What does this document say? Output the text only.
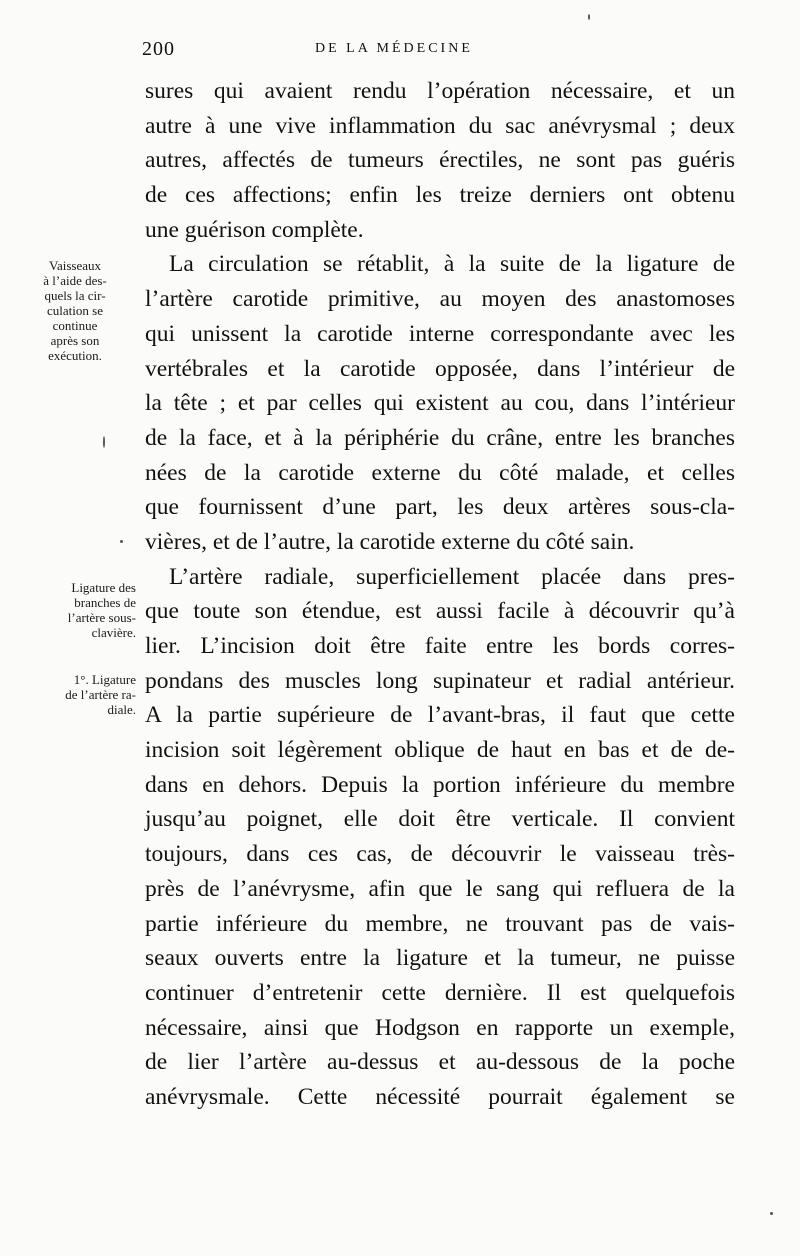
200	DE LA MÉDECINE
sures qui avaient rendu l’opération nécessaire, et un
autre à une vive inflammation du sac anévrysmal ; deux
autres, affectés de tumeurs érectiles, ne sont pas guéris
de ces affections; enfin les treize derniers ont obtenu
une guérison complète.
La circulation se rétablit, à la suite de la ligature de
l’artère carotide primitive, au moyen des anastomoses
qui unissent la carotide interne correspondante avec les
vertébrales et la carotide opposée, dans l’intérieur de
la tête ; et par celles qui existent au cou, dans l’intérieur
de la face, et à la périphérie du crâne, entre les branches
nées de la carotide externe du côté malade, et celles
que fournissent d’une part, les deux artères sous-cla-
vières, et de l’autre, la carotide externe du côté sain.
L’artère radiale, superficiellement placée dans pres-
que toute son étendue, est aussi facile à découvrir qu’à
lier. L’incision doit être faite entre les bords corres-
pondans des muscles long supinateur et radial antérieur.
A la partie supérieure de l’avant-bras, il faut que cette
incision soit légèrement oblique de haut en bas et de de-
dans en dehors. Depuis la portion inférieure du membre
jusqu’au poignet, elle doit être verticale. Il convient
toujours, dans ces cas, de découvrir le vaisseau très-
près de l’anévrysme, afin que le sang qui refluera de la
partie inférieure du membre, ne trouvant pas de vais-
seaux ouverts entre la ligature et la tumeur, ne puisse
continuer d’entretenir cette dernière. Il est quelquefois
nécessaire, ainsi que Hodgson en rapporte un exemple,
de lier l’artère au-dessus et au-dessous de la poche
anévrysmale. Cette nécessité pourrait également se
Vaisseaux
à l’aide des-
quels la cir-
culation se
continue
après son
exécution.
Ligature des
branches de
l’artère sous-
clavière.
1°. Ligature
de l’artère ra-
diale.
